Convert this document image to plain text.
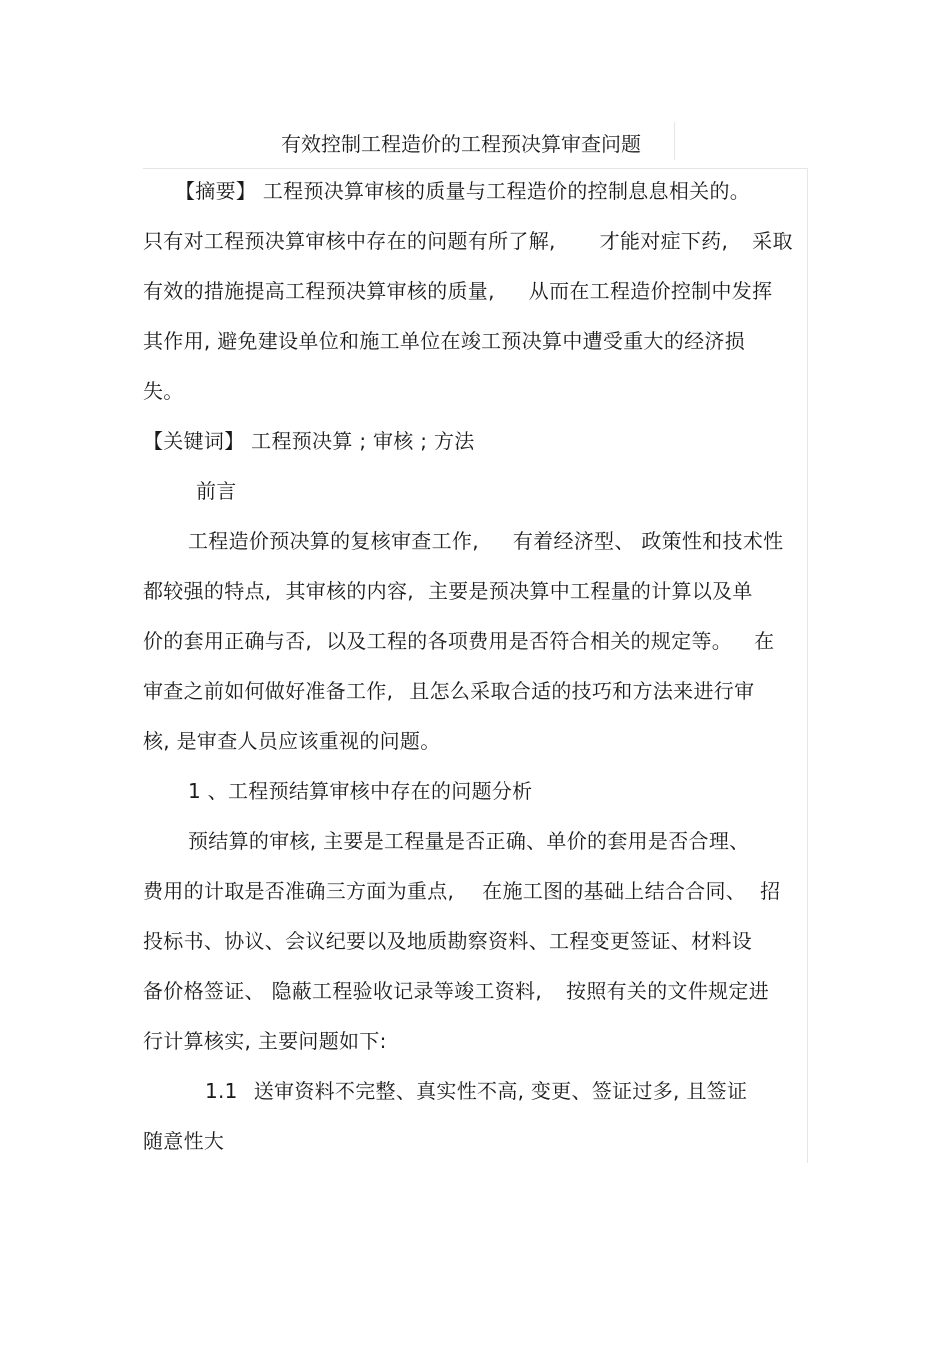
有效控制工程造价的工程预决算审查问题
【摘要】 工程预决算审核的质量与工程造价的控制息息相关的。
只有对工程预决算审核中存在的问题有所了解, 才能对症下药, 采取
有效的措施提高工程预决算审核的质量, 从而在工程造价控制中发挥
其作用, 避免建设单位和施工单位在竣工预决算中遭受重大的经济损
失。
【关键词】 工程预决算 ; 审核 ; 方法
前言
工程造价预决算的复核审查工作, 有着经济型、 政策性和技术性
都较强的特点, 其审核的内容, 主要是预决算中工程量的计算以及单
价的套用正确与否, 以及工程的各项费用是否符合相关的规定等。 在
审查之前如何做好准备工作, 且怎么采取合适的技巧和方法来进行审
核, 是审查人员应该重视的问题。
1 、工程预结算审核中存在的问题分析
预结算的审核, 主要是工程量是否正确、单价的套用是否合理、
费用的计取是否准确三方面为重点, 在施工图的基础上结合合同、 招
投标书、协议、会议纪要以及地质勘察资料、工程变更签证、材料设
备价格签证、 隐蔽工程验收记录等竣工资料, 按照有关的文件规定进
行计算核实, 主要问题如下:
1.1 送审资料不完整、真实性不高, 变更、签证过多, 且签证
随意性大
